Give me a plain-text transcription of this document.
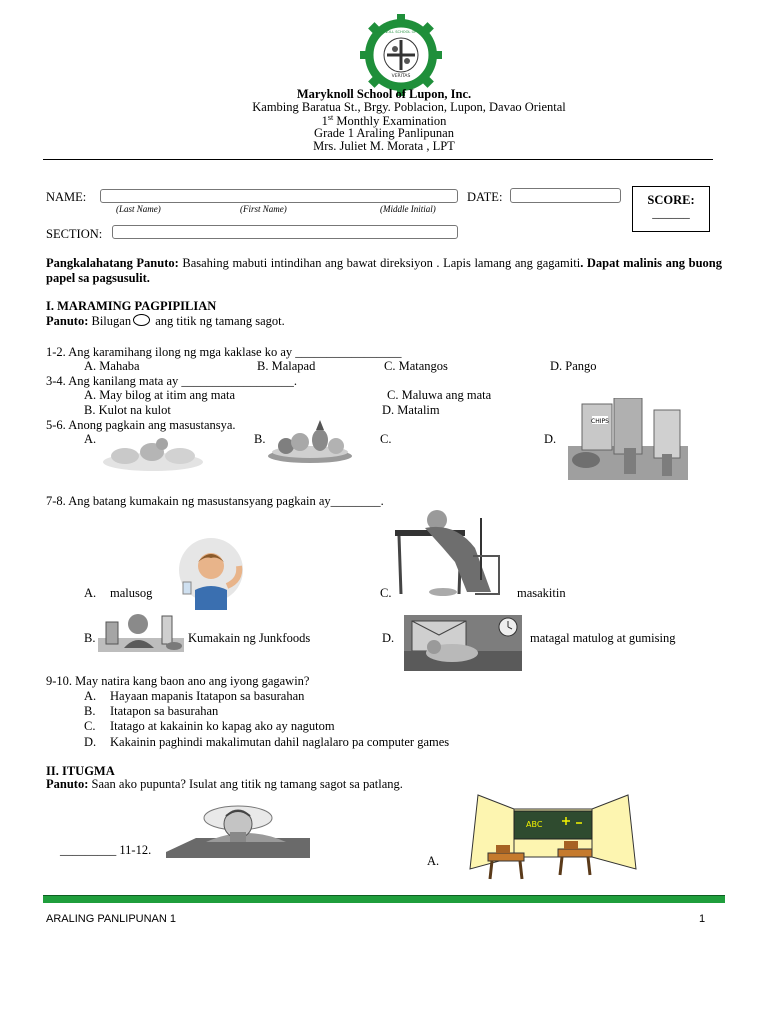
VERITAS
MARYKNOLL SCHOOL OF LUPON
Maryknoll School of Lupon, Inc.
Kambing Baratua St., Brgy. Poblacion, Lupon, Davao Oriental
1st Monthly Examination
Grade 1 Araling Panlipunan
Mrs. Juliet M. Morata , LPT
NAME:
(Last Name)	(First Name)	(Middle Initial)
DATE:	SCORE:
______
SECTION:
Pangkalahatang Panuto: Basahing mabuti intindihan ang bawat direksiyon . Lapis lamang ang gagamiti. Dapat malinis ang buong papel sa pagsusulit.
I. MARAMING PAGPIPILIAN
Panuto: Bilugan ang titik ng tamang sagot.
1-2. Ang karamihang ilong ng mga kaklase ko ay _________________
A. Mahaba	B. Malapad	C. Matangos	D. Pango
3-4. Ang kanilang mata ay __________________.
A. May bilog at itim ang mata	C. Maluwa ang mata
B. Kulot na kulot	D. Matalim
5-6. Anong pagkain ang masustansya.
A.	B.	C.	D.
CHIPS
7-8. Ang batang kumakain ng masustansyang pagkain ay________.
A. malusog	C.	masakitin
B.	Kumakain ng Junkfoods	D.	matagal matulog at gumising
9-10. May natira kang baon ano ang iyong gagawin?
A. Hayaan mapanis Itatapon sa basurahan
B. Itatapon sa basurahan
C. Itatago at kakainin ko kapag ako ay nagutom
D. Kakainin paghindi makalimutan dahil naglalaro pa computer games
II. ITUGMA
Panuto: Saan ako pupunta? Isulat ang titik ng tamang sagot sa patlang.
_________ 11-12.
A.
ABC
ARALING PANLIPUNAN 1	1
